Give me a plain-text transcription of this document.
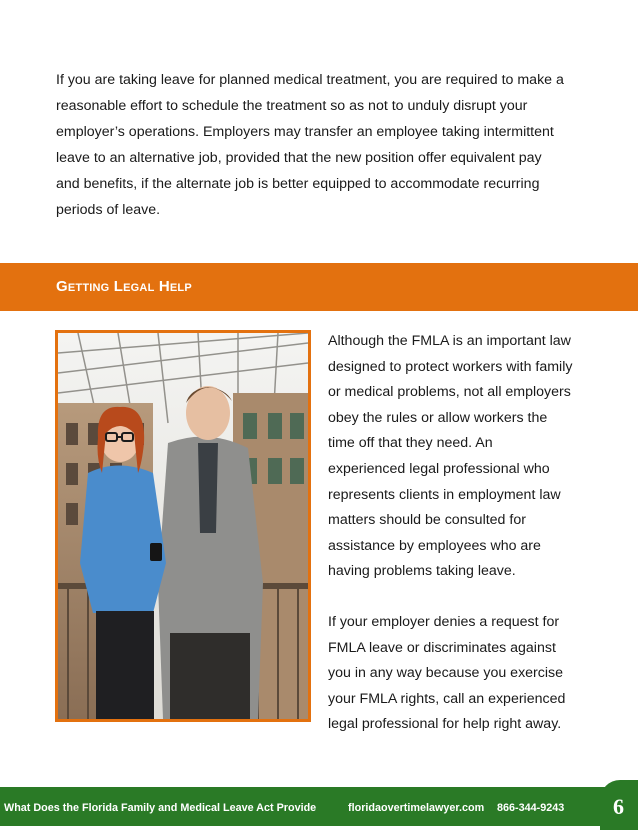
If you are taking leave for planned medical treatment, you are required to make a
reasonable effort to schedule the treatment so as not to unduly disrupt your
employer’s operations. Employers may transfer an employee taking intermittent
leave to an alternative job, provided that the new position offer equivalent pay
and benefits, if the alternate job is better equipped to accommodate recurring
periods of leave.
Getting Legal Help

Although the FMLA is an important law
designed to protect workers with family
or medical problems, not all employers
obey the rules or allow workers the
time off that they need. An
experienced legal professional who
represents clients in employment law
matters should be consulted for
assistance by employees who are
having problems taking leave.

If your employer denies a request for
FMLA leave or discriminates against
you in any way because you exercise
your FMLA rights, call an experienced
legal professional for help right away.

What Does the Florida Family and Medical Leave Act Provide	floridaovertimelawyer.com 866-344-9243 6
